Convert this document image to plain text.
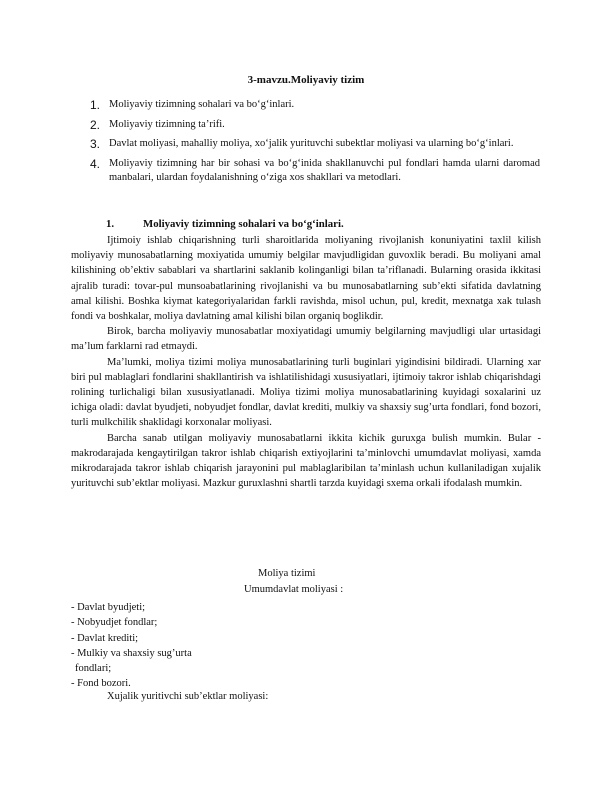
3-mavzu.Moliyaviy tizim
1. Moliyaviy tizimning sohalari va bo‘g‘inlari.
2. Moliyaviy tizimning ta’rifi.
3. Davlat moliyasi, mahalliy moliya, xo‘jalik yurituvchi subektlar moliyasi va ularning bo‘g‘inlari.
4. Moliyaviy tizimning har bir sohasi va bo‘g‘inida shakllanuvchi pul fondlari hamda ularni daromad manbalari, ulardan foydalanishning o‘ziga xos shakllari va metodlari.
1.	Moliyaviy tizimning sohalari va bo‘g‘inlari.

Ijtimoiy ishlab chiqarishning turli sharoitlarida moliyaning rivojlanish konuniyatini taxlil kilish moliyaviy munosabatlarning moxiyatida umumiy belgilar mavjudligidan guvoxlik beradi. Bu moliyani amal kilishining ob’ektiv sabablari va shartlarini saklanib kolinganligi bilan ta’riflanadi. Bularning orasida ikkitasi ajralib turadi: tovar-pul munsoabatlarining rivojlanishi va bu munosabatlarning sub’ekti sifatida davlatning amal kilishi. Boshka kiymat kategoriyalaridan farkli ravishda, misol uchun, pul, kredit, mexnatga xak tulash fondi va boshkalar, moliya davlatning amal kilishi bilan organiq boglikdir.

Birok, barcha moliyaviy munosabatlar moxiyatidagi umumiy belgilarning mavjudligi ular urtasidagi ma’lum farklarni rad etmaydi.

Ma’lumki, moliya tizimi moliya munosabatlarining turli buginlari yigindisini bildiradi. Ularning xar biri pul mablaglari fondlarini shakllantirish va ishlatilishidagi xususiyatlari, ijtimoiy takror ishlab chiqarishdagi rolining turlichaligi bilan xususiyatlanadi. Moliya tizimi moliya munosabatlarining kuyidagi soxalarini uz ichiga oladi: davlat byudjeti, nobyudjet fondlar, davlat krediti, mulkiy va shaxsiy sug’urta fondlari, fond bozori, turli mulkchilik shaklidagi korxonalar moliyasi.

Barcha sanab utilgan moliyaviy munosabatlarni ikkita kichik guruxga bulish mumkin. Bular - makrodarajada kengaytirilgan takror ishlab chiqarish extiyojlarini ta’minlovchi umumdavlat moliyasi, xamda mikrodarajada takror ishlab chiqarish jarayonini pul mablaglaribilan ta’minlash uchun kullaniladigan xujalik yurituvchi sub’ektlar moliyasi. Mazkur guruxlashni shartli tarzda kuyidagi sxema orkali ifodalash mumkin.

Moliya tizimi
Umumdavlat moliyasi :
- Davlat byudjeti;
- Nobyudjet fondlar;
- Davlat krediti;
- Mulkiy va shaxsiy sug’urta
fondlari;
- Fond bozori.
Xujalik yuritivchi sub’ektlar moliyasi:
